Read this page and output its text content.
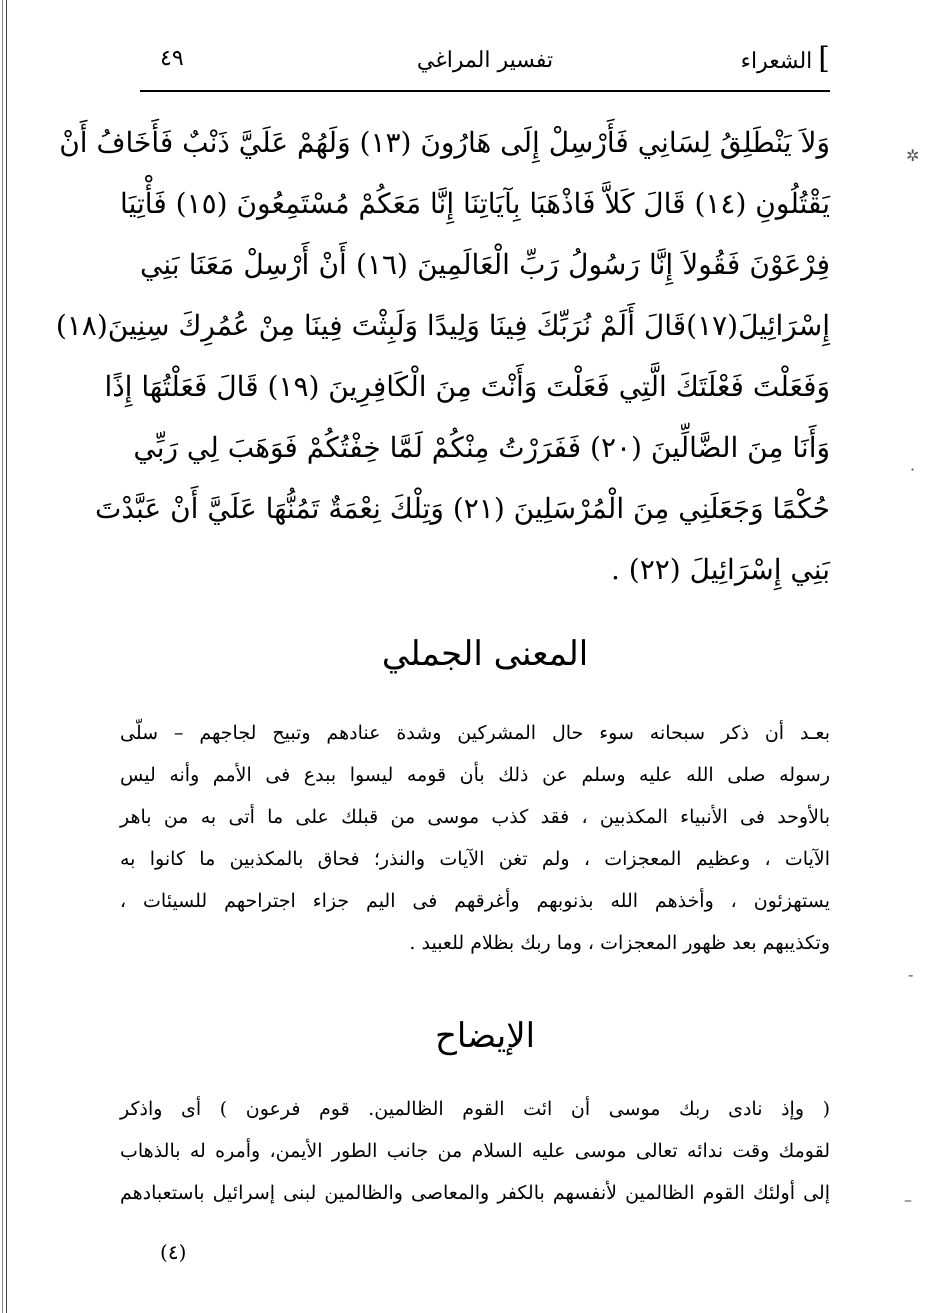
]الشعراء
تفسير المراغي
٤٩
وَلاَ يَنْطَلِقُ لِسَانِي فَأَرْسِلْ إِلَى هَارُونَ (١٣) وَلَهُمْ عَلَيَّ ذَنْبٌ فَأَخَافُ أَنْ
يَقْتُلُونِ (١٤) قَالَ كَلاَّ فَاذْهَبَا بِآيَاتِنَا إِنَّا مَعَكُمْ مُسْتَمِعُونَ (١٥) فَأْتِيَا
فِرْعَوْنَ فَقُولاَ إِنَّا رَسُولُ رَبِّ الْعَالَمِينَ (١٦) أَنْ أَرْسِلْ مَعَنَا بَنِي
إِسْرَائِيلَ(١٧)قَالَ أَلَمْ نُرَبِّكَ فِينَا وَلِيدًا وَلَبِثْتَ فِينَا مِنْ عُمُرِكَ سِنِينَ(١٨)
وَفَعَلْتَ فَعْلَتَكَ الَّتِي فَعَلْتَ وَأَنْتَ مِنَ الْكَافِرِينَ (١٩) قَالَ فَعَلْتُهَا إِذًا
وَأَنَا مِنَ الضَّالِّينَ (٢٠) فَفَرَرْتُ مِنْكُمْ لَمَّا خِفْتُكُمْ فَوَهَبَ لِي رَبِّي
حُكْمًا وَجَعَلَنِي مِنَ الْمُرْسَلِينَ (٢١) وَتِلْكَ نِعْمَةٌ تَمُنُّهَا عَلَيَّ أَنْ عَبَّدْتَ
بَنِي إِسْرَائِيلَ (٢٢) .
المعنى الجملي
بعـد أن ذكر سبحانه سوء حال المشركين وشدة عنادهم وتبيح لجاجهم – سلّى
رسوله صلى الله عليه وسلم عن ذلك بأن قومه ليسوا ببدع فى الأمم وأنه ليس
بالأوحد فى الأنبياء المكذبين ، فقد كذب موسى من قبلك على ما أتى به من باهر
الآيات ، وعظيم المعجزات ، ولم تغن الآيات والنذر؛ فحاق بالمكذبين ما كانوا به
يستهزئون ، وأخذهم الله بذنوبهم وأغرقهم فى اليم جزاء اجتراحهم للسيئات ،
وتكذيبهم بعد ظهور المعجزات ، وما ربك بظلام للعبيد .
الإيضاح
( وإذ نادى ربك موسى أن ائت القوم الظالمين. قوم فرعون ) أى واذكر
لقومك وقت ندائه تعالى موسى عليه السلام من جانب الطور الأيمن، وأمره له بالذهاب
إلى أولئك القوم الظالمين لأنفسهم بالكفر والمعاصى والظالمين لبنى إسرائيل باستعبادهم
(٤)
✲
·
-
–
